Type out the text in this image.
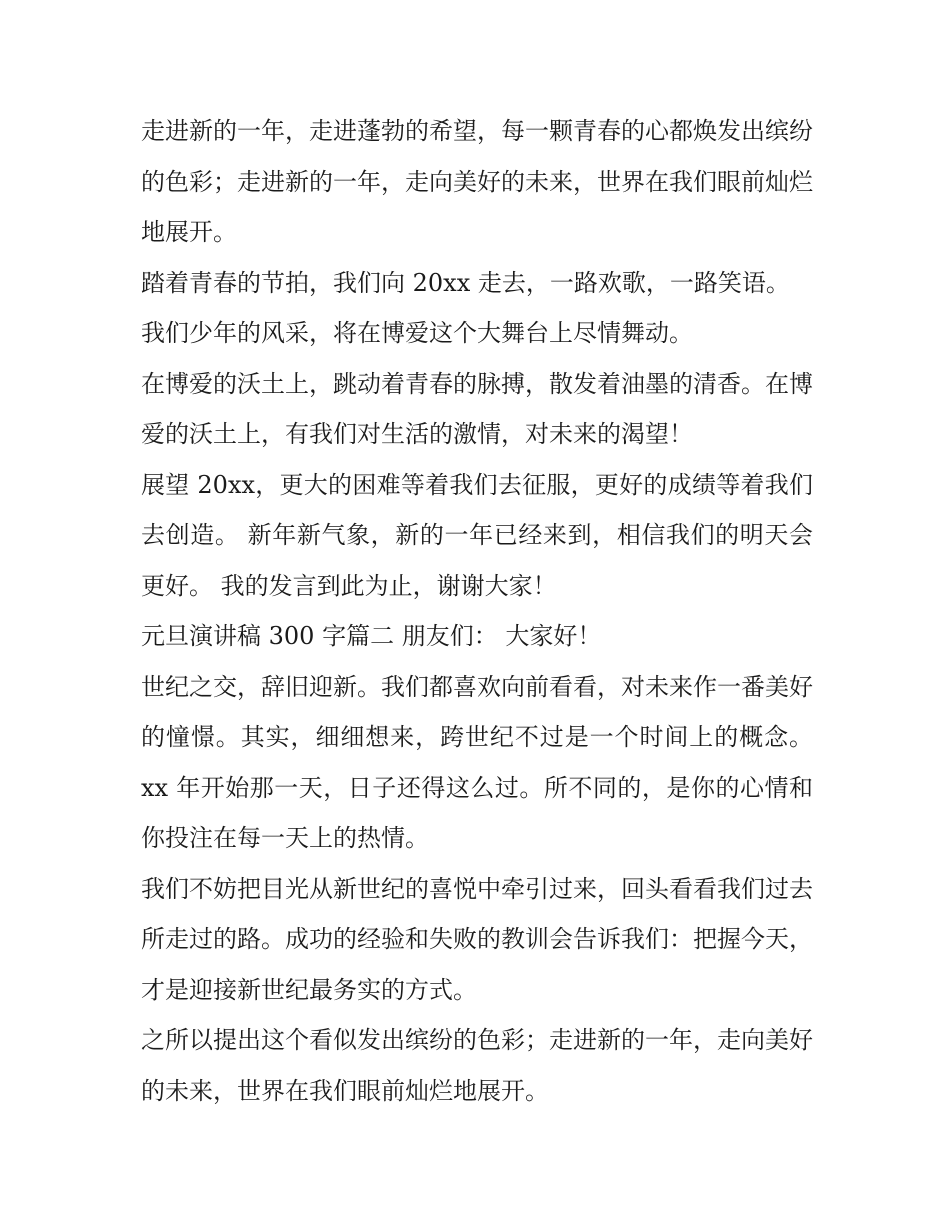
走进新的一年，走进蓬勃的希望，每一颗青春的心都焕发出缤纷的色彩；走进新的一年，走向美好的未来，世界在我们眼前灿烂地展开。

踏着青春的节拍，我们向 20xx 走去，一路欢歌，一路笑语。

我们少年的风采，将在博爱这个大舞台上尽情舞动。

在博爱的沃土上，跳动着青春的脉搏，散发着油墨的清香。在博爱的沃土上，有我们对生活的激情，对未来的渴望！

展望 20xx，更大的困难等着我们去征服，更好的成绩等着我们去创造。 新年新气象，新的一年已经来到，相信我们的明天会更好。 我的发言到此为止，谢谢大家！

元旦演讲稿 300 字篇二 朋友们： 大家好！

世纪之交，辞旧迎新。我们都喜欢向前看看，对未来作一番美好的憧憬。其实，细细想来，跨世纪不过是一个时间上的概念。xx 年开始那一天，日子还得这么过。所不同的，是你的心情和你投注在每一天上的热情。

我们不妨把目光从新世纪的喜悦中牵引过来，回头看看我们过去所走过的路。成功的经验和失败的教训会告诉我们：把握今天，才是迎接新世纪最务实的方式。

之所以提出这个看似发出缤纷的色彩；走进新的一年，走向美好的未来，世界在我们眼前灿烂地展开。
